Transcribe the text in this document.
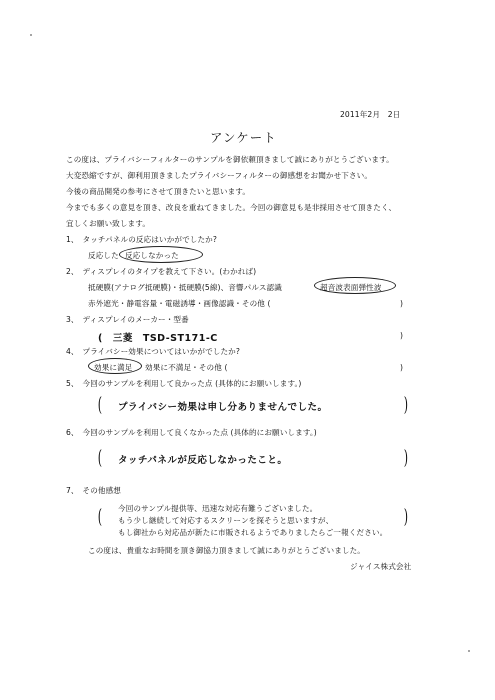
2011年2月　2日
アンケート
この度は、プライバシーフィルターのサンプルを御依頼頂きまして誠にありがとうございます。
大変恐縮ですが、御利用頂きましたプライバシーフィルターの御感想をお聞かせ下さい。
今後の商品開発の参考にさせて頂きたいと思います。
今までも多くの意見を頂き、改良を重ねてきました。今回の御意見も是非採用させて頂きたく、
宜しくお願い致します。
1、　タッチパネルの反応はいかがでしたか?
反応した 反応しなかった
2、　ディスプレイのタイプを教えて下さい。(わかれば)
抵硬膜(アナログ抵硬膜)・抵硬膜(5線)、音響パルス認識	超音波表面弾性波
赤外遮光・静電容量・電磁誘導・画像認識・その他 (	)
3、　ディスプレイのメーカー・型番
(　三菱　TSD-ST171-C	)
4、　プライバシー効果についてはいかがでしたか?
効果に満足 効果に不満足・その他 (	)
5、　今回のサンプルを利用して良かった点 (具体的にお願いします。)
( プライバシー効果は申し分ありませんでした。	)
6、　今回のサンプルを利用して良くなかった点 (具体的にお願いします。)
( タッチパネルが反応しなかったこと。	)
7、　その他感想
( 今回のサンプル提供等、迅速な対応有難うございました。
もう少し継続して対応するスクリーンを探そうと思いますが、
もし御社から対応品が新たに市販されるようでありましたらご一報ください。
)
この度は、貴重なお時間を頂き御協力頂きまして誠にありがとうございました。
ジャイス株式会社
